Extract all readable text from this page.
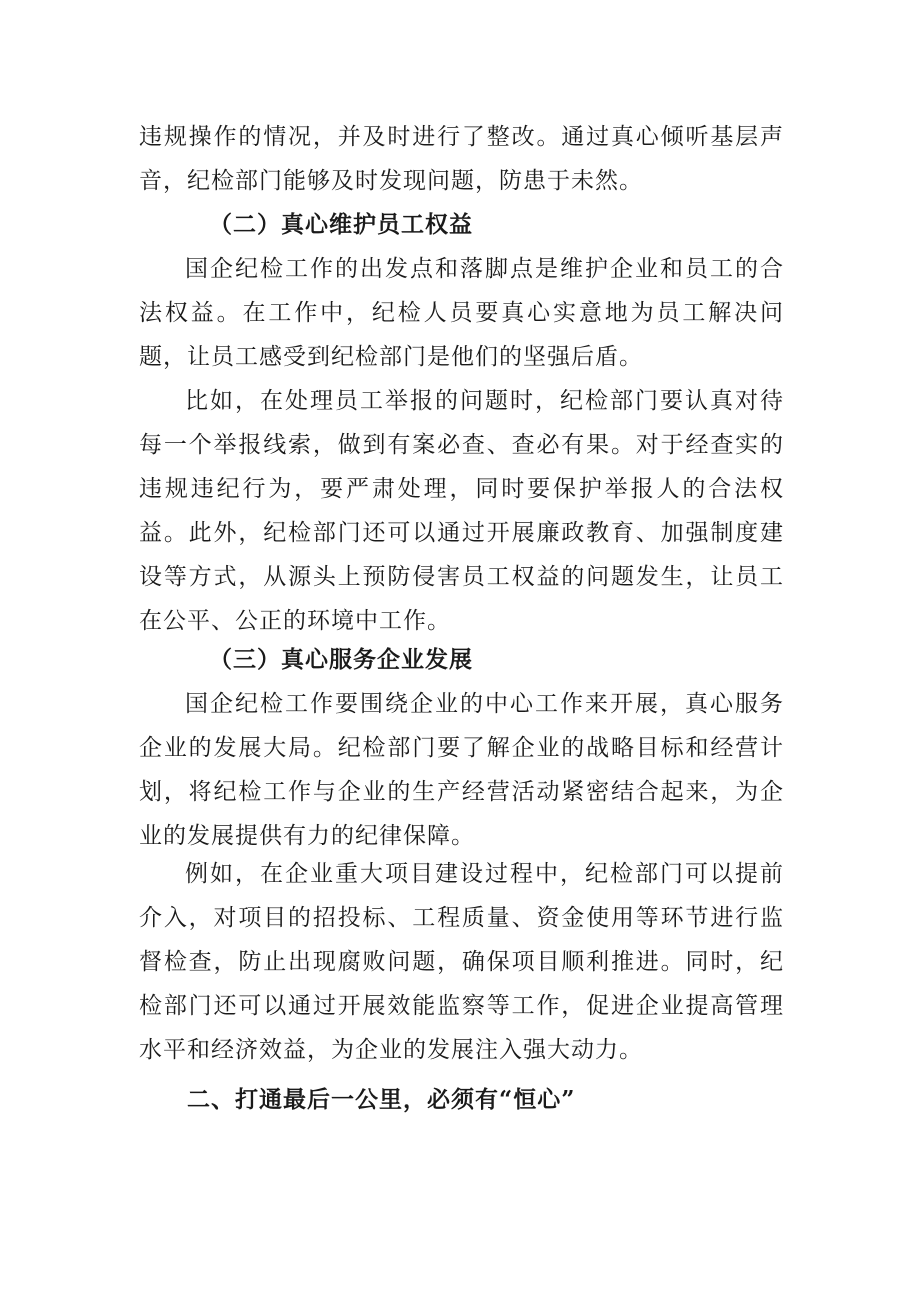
违规操作的情况，并及时进行了整改。通过真心倾听基层声音，纪检部门能够及时发现问题，防患于未然。

（二）真心维护员工权益

国企纪检工作的出发点和落脚点是维护企业和员工的合法权益。在工作中，纪检人员要真心实意地为员工解决问题，让员工感受到纪检部门是他们的坚强后盾。

比如，在处理员工举报的问题时，纪检部门要认真对待每一个举报线索，做到有案必查、查必有果。对于经查实的违规违纪行为，要严肃处理，同时要保护举报人的合法权益。此外，纪检部门还可以通过开展廉政教育、加强制度建设等方式，从源头上预防侵害员工权益的问题发生，让员工在公平、公正的环境中工作。

（三）真心服务企业发展

国企纪检工作要围绕企业的中心工作来开展，真心服务企业的发展大局。纪检部门要了解企业的战略目标和经营计划，将纪检工作与企业的生产经营活动紧密结合起来，为企业的发展提供有力的纪律保障。

例如，在企业重大项目建设过程中，纪检部门可以提前介入，对项目的招投标、工程质量、资金使用等环节进行监督检查，防止出现腐败问题，确保项目顺利推进。同时，纪检部门还可以通过开展效能监察等工作，促进企业提高管理水平和经济效益，为企业的发展注入强大动力。

二、打通最后一公里，必须有“恒心”
